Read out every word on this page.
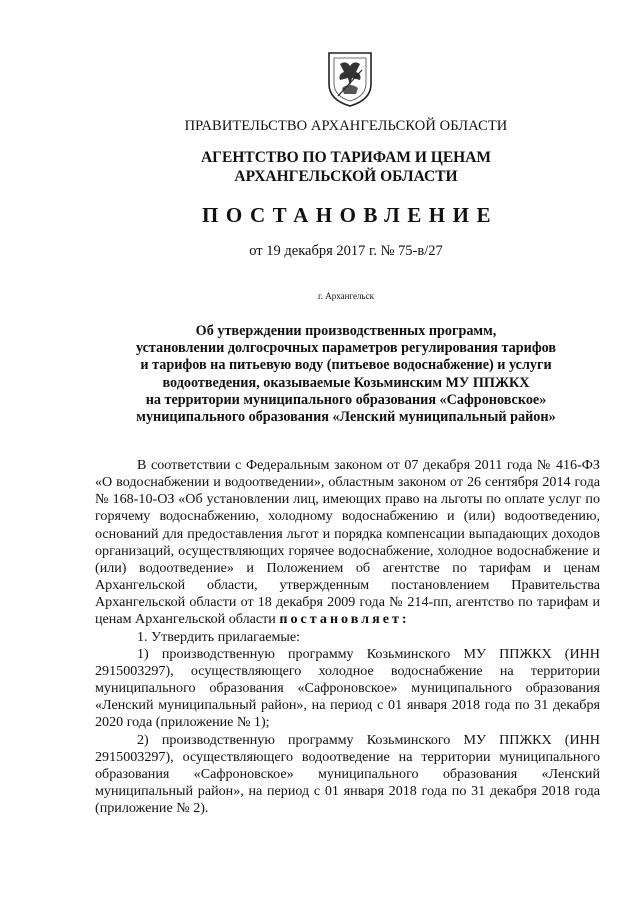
ПРАВИТЕЛЬСТВО АРХАНГЕЛЬСКОЙ ОБЛАСТИ
АГЕНТСТВО ПО ТАРИФАМ И ЦЕНАМ
АРХАНГЕЛЬСКОЙ ОБЛАСТИ
ПОСТАНОВЛЕНИЕ
от 19 декабря 2017 г. № 75-в/27
г. Архангельск
Об утверждении производственных программ,
установлении долгосрочных параметров регулирования тарифов
и тарифов на питьевую воду (питьевое водоснабжение) и услуги
водоотведения, оказываемые Козьминским МУ ППЖКХ
на территории муниципального образования «Сафроновское»
муниципального образования «Ленский муниципальный район»

В соответствии с Федеральным законом от 07 декабря 2011 года № 416-ФЗ «О водоснабжении и водоотведении», областным законом от 26 сентября 2014 года № 168-10-ОЗ «Об установлении лиц, имеющих право на льготы по оплате услуг по горячему водоснабжению, холодному водоснабжению и (или) водоотведению, оснований для предоставления льгот и порядка компенсации выпадающих доходов организаций, осуществляющих горячее водоснабжение, холодное водоснабжение и (или) водоотведение» и Положением об агентстве по тарифам и ценам Архангельской области, утвержденным постановлением Правительства Архангельской области от 18 декабря 2009 года № 214-пп, агентство по тарифам и ценам Архангельской области постановляет:

1. Утвердить прилагаемые:

1) производственную программу Козьминского МУ ППЖКХ (ИНН 2915003297), осуществляющего холодное водоснабжение на территории муниципального образования «Сафроновское» муниципального образования «Ленский муниципальный район», на период с 01 января 2018 года по 31 декабря 2020 года (приложение № 1);

2) производственную программу Козьминского МУ ППЖКХ (ИНН 2915003297), осуществляющего водоотведение на территории муниципального образования «Сафроновское» муниципального образования «Ленский муниципальный район», на период с 01 января 2018 года по 31 декабря 2018 года (приложение № 2).
